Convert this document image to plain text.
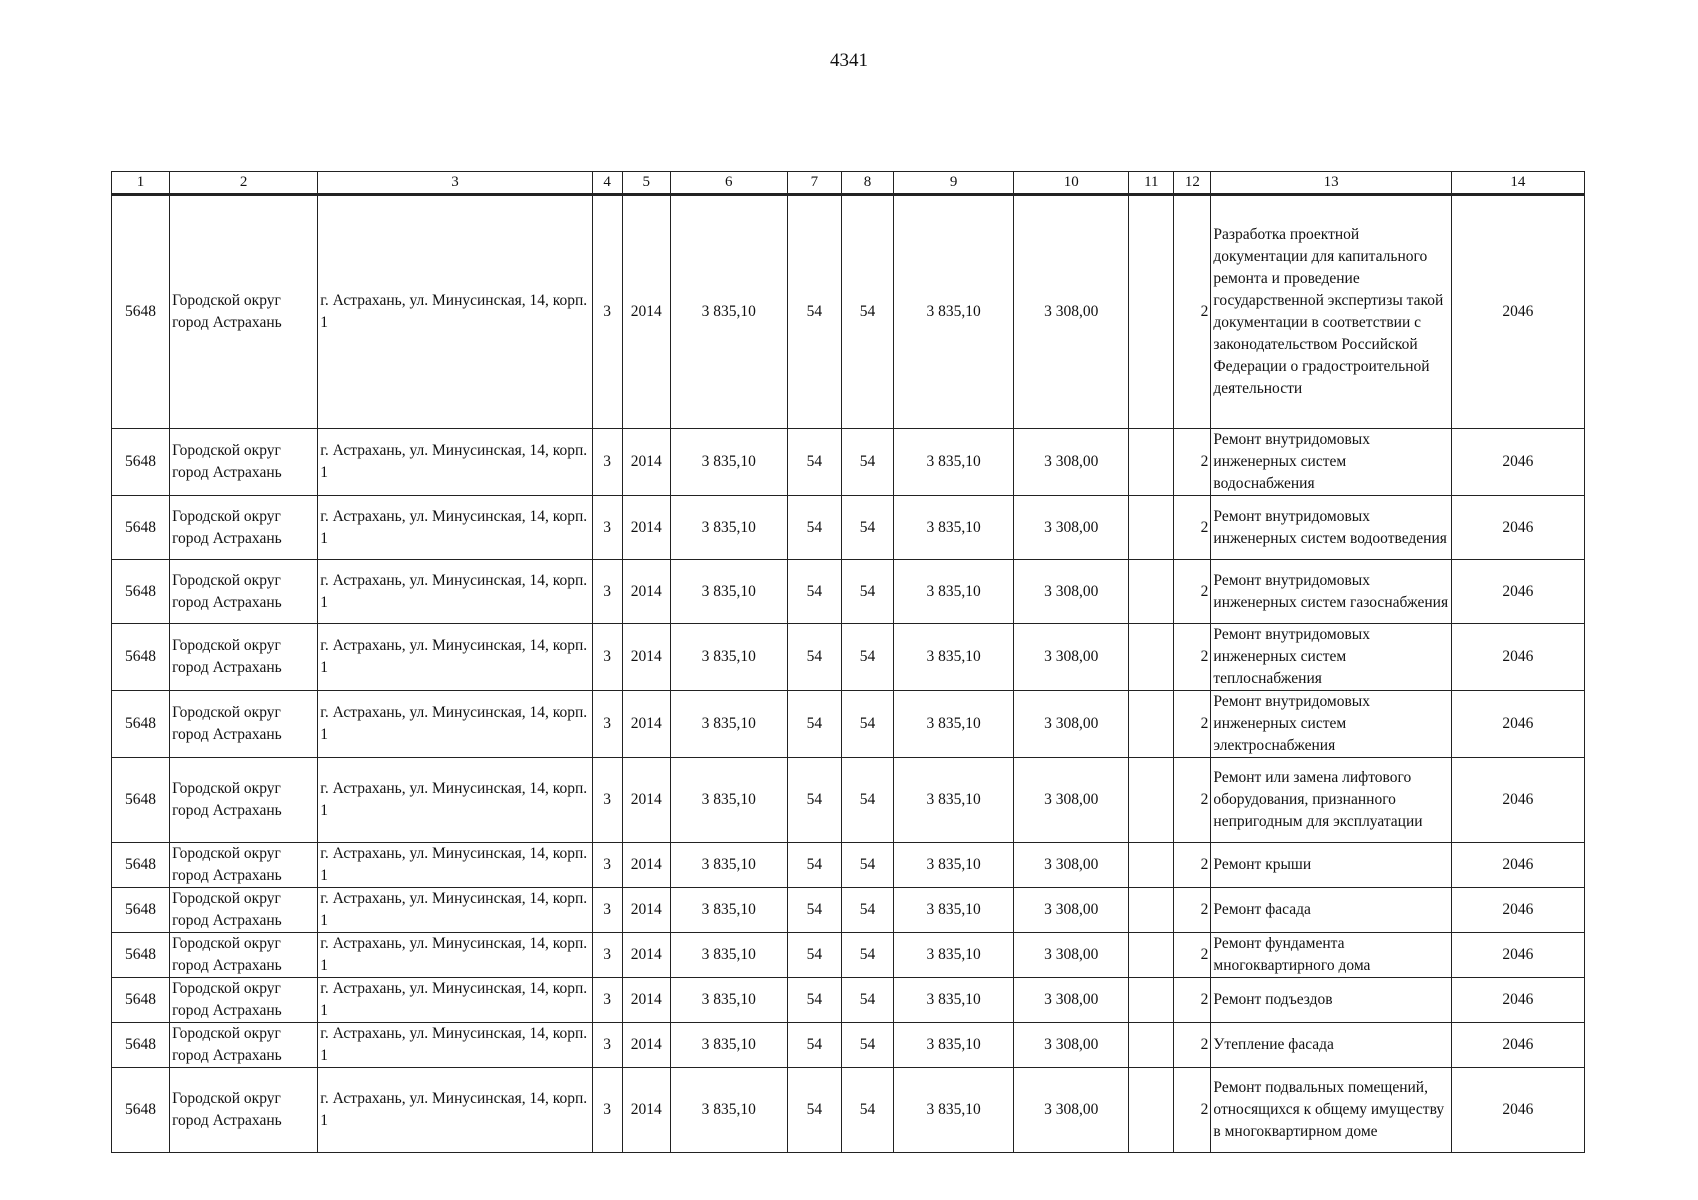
4341
1	2	3	4	5	6	7	8	9	10	11	12	13	14
5648	Городской округ город Астрахань	г. Астрахань, ул. Минусинская, 14, корп. 1	3	2014	3 835,10	54	54	3 835,10	3 308,00		2	Разработка проектной документации для капитального ремонта и проведение государственной экспертизы такой документации в соответствии с законодательством Российской Федерации о градостроительной деятельности	2046
5648	Городской округ город Астрахань	г. Астрахань, ул. Минусинская, 14, корп. 1	3	2014	3 835,10	54	54	3 835,10	3 308,00		2	Ремонт внутридомовых инженерных систем водоснабжения	2046
5648	Городской округ город Астрахань	г. Астрахань, ул. Минусинская, 14, корп. 1	3	2014	3 835,10	54	54	3 835,10	3 308,00		2	Ремонт внутридомовых инженерных систем водоотведения	2046
5648	Городской округ город Астрахань	г. Астрахань, ул. Минусинская, 14, корп. 1	3	2014	3 835,10	54	54	3 835,10	3 308,00		2	Ремонт внутридомовых инженерных систем газоснабжения	2046
5648	Городской округ город Астрахань	г. Астрахань, ул. Минусинская, 14, корп. 1	3	2014	3 835,10	54	54	3 835,10	3 308,00		2	Ремонт внутридомовых инженерных систем теплоснабжения	2046
5648	Городской округ город Астрахань	г. Астрахань, ул. Минусинская, 14, корп. 1	3	2014	3 835,10	54	54	3 835,10	3 308,00		2	Ремонт внутридомовых инженерных систем электроснабжения	2046
5648	Городской округ город Астрахань	г. Астрахань, ул. Минусинская, 14, корп. 1	3	2014	3 835,10	54	54	3 835,10	3 308,00		2	Ремонт или замена лифтового оборудования, признанного непригодным для эксплуатации	2046
5648	Городской округ город Астрахань	г. Астрахань, ул. Минусинская, 14, корп. 1	3	2014	3 835,10	54	54	3 835,10	3 308,00		2	Ремонт крыши	2046
5648	Городской округ город Астрахань	г. Астрахань, ул. Минусинская, 14, корп. 1	3	2014	3 835,10	54	54	3 835,10	3 308,00		2	Ремонт фасада	2046
5648	Городской округ город Астрахань	г. Астрахань, ул. Минусинская, 14, корп. 1	3	2014	3 835,10	54	54	3 835,10	3 308,00		2	Ремонт фундамента многоквартирного дома	2046
5648	Городской округ город Астрахань	г. Астрахань, ул. Минусинская, 14, корп. 1	3	2014	3 835,10	54	54	3 835,10	3 308,00		2	Ремонт подъездов	2046
5648	Городской округ город Астрахань	г. Астрахань, ул. Минусинская, 14, корп. 1	3	2014	3 835,10	54	54	3 835,10	3 308,00		2	Утепление фасада	2046
5648	Городской округ город Астрахань	г. Астрахань, ул. Минусинская, 14, корп. 1	3	2014	3 835,10	54	54	3 835,10	3 308,00		2	Ремонт подвальных помещений, относящихся к общему имуществу в многоквартирном доме	2046
